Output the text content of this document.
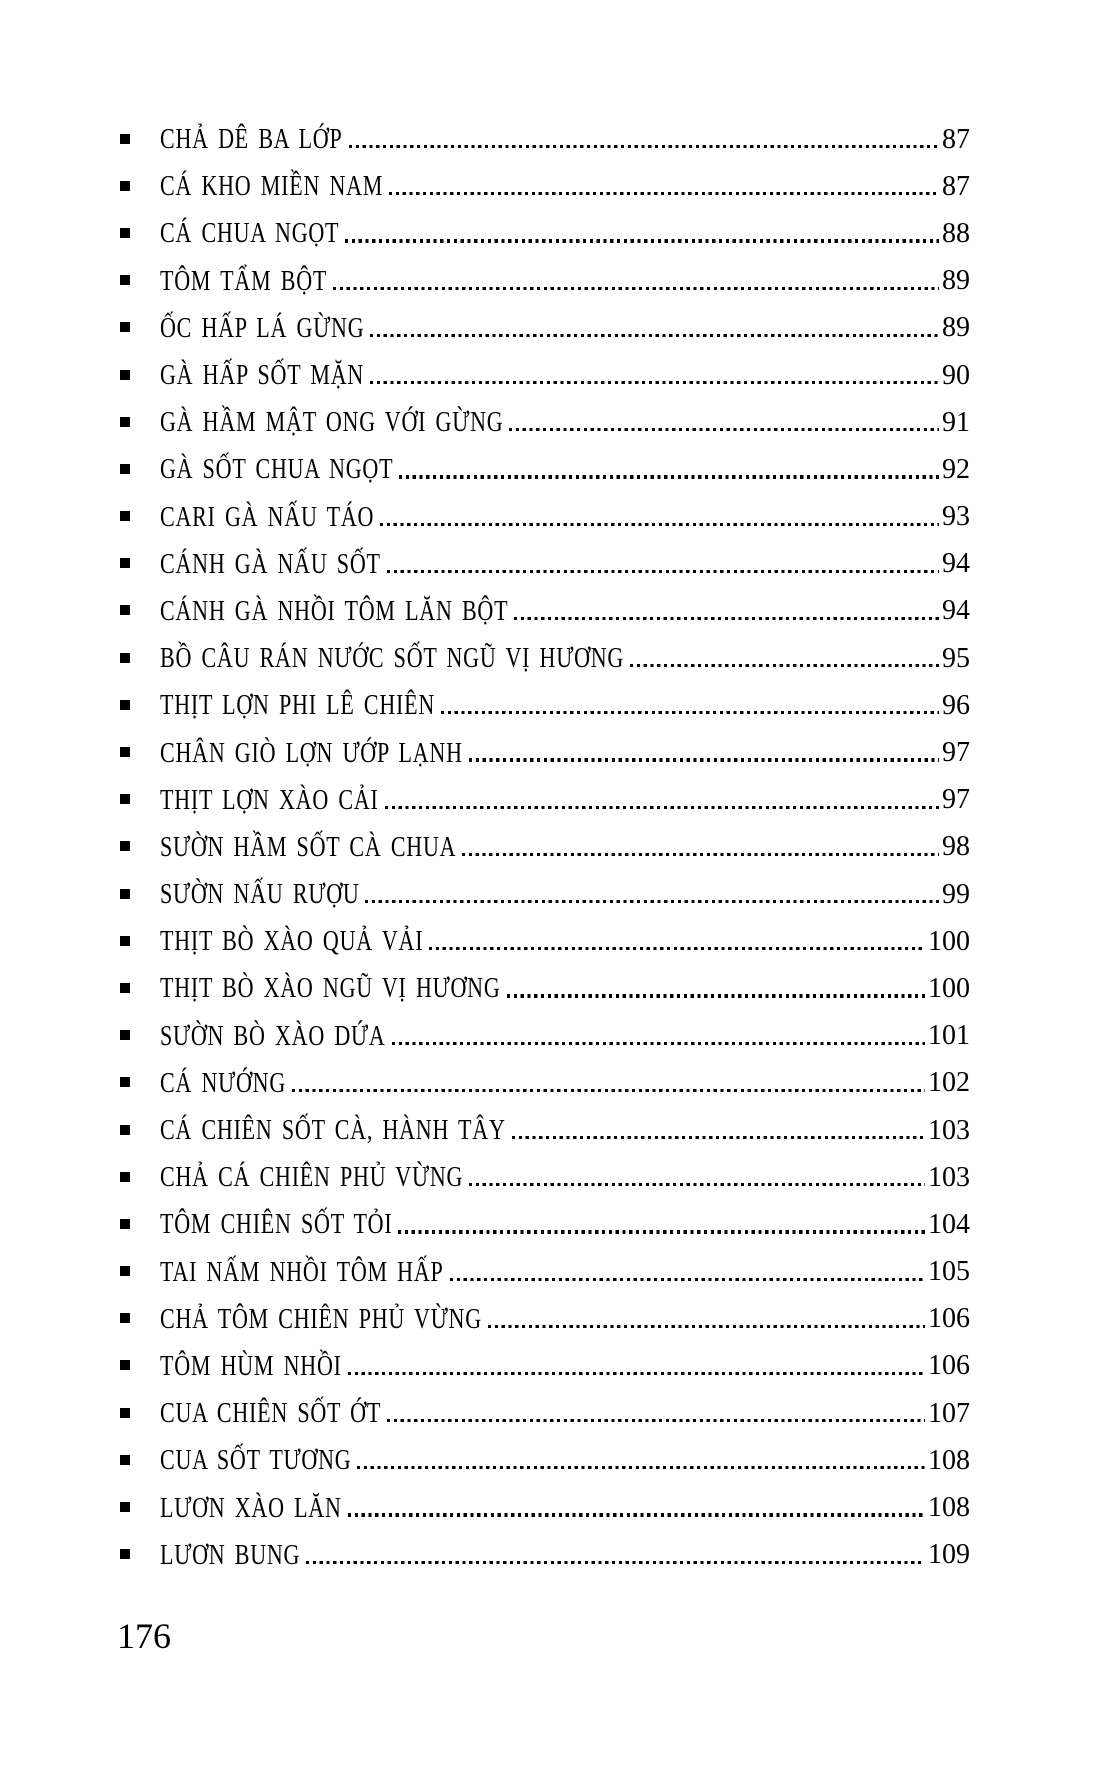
CHẢ DÊ BA LỚP	87
CÁ KHO MIỀN NAM	87
CÁ CHUA NGỌT	88
TÔM TẨM BỘT	89
ỐC HẤP LÁ GỪNG	89
GÀ HẤP SỐT MẶN	90
GÀ HẦM MẬT ONG VỚI GỪNG	91
GÀ SỐT CHUA NGỌT	92
CARI GÀ NẤU TÁO	93
CÁNH GÀ NẤU SỐT	94
CÁNH GÀ NHỒI TÔM LĂN BỘT	94
BỒ CÂU RÁN NƯỚC SỐT NGŨ VỊ HƯƠNG	95
THỊT LỢN PHI LÊ CHIÊN	96
CHÂN GIÒ LỢN ƯỚP LẠNH	97
THỊT LỢN XÀO CẢI	97
SƯỜN HẦM SỐT CÀ CHUA	98
SƯỜN NẤU RƯỢU	99
THỊT BÒ XÀO QUẢ VẢI	100
THỊT BÒ XÀO NGŨ VỊ HƯƠNG	100
SƯỜN BÒ XÀO DỨA	101
CÁ NƯỚNG	102
CÁ CHIÊN SỐT CÀ, HÀNH TÂY	103
CHẢ CÁ CHIÊN PHỦ VỪNG	103
TÔM CHIÊN SỐT TỎI	104
TAI NẤM NHỒI TÔM HẤP	105
CHẢ TÔM CHIÊN PHỦ VỪNG	106
TÔM HÙM NHỒI	106
CUA CHIÊN SỐT ỚT	107
CUA SỐT TƯƠNG	108
LƯƠN XÀO LĂN	108
LƯƠN BUNG	109
176
